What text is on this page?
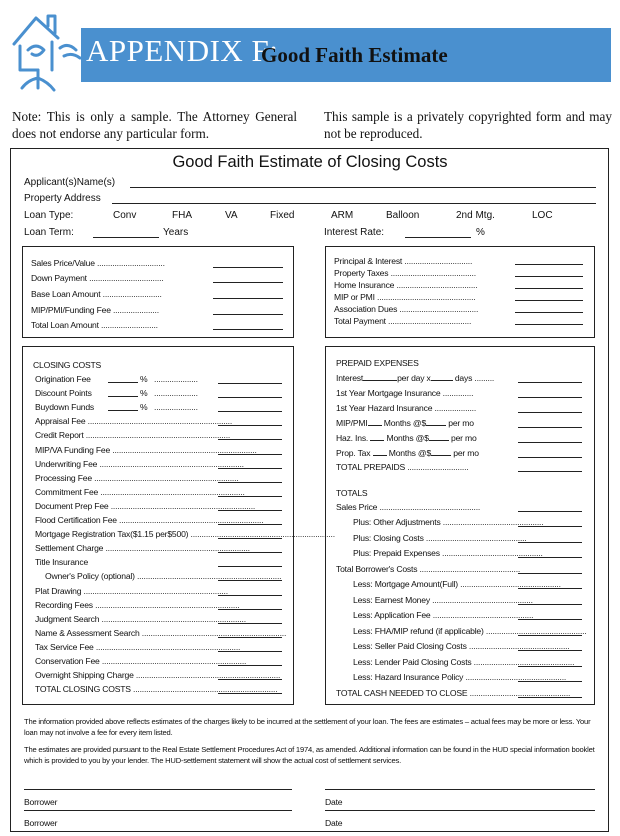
APPENDIX F:
Good Faith Estimate
Note: This is only a sample. The Attorney General does not endorse any particular form.
This sample is a privately copyrighted form and may not be reproduced.
Good Faith Estimate of Closing Costs
Applicant(s)Name(s)
Property Address
Loan Type:	Conv	FHA	VA	Fixed	ARM	Balloon	2nd Mtg.	LOC
Loan Term:	Years	Interest Rate:	%
Sales Price/Value ...............................
Down Payment ..................................
Base Loan Amount ...........................
MIP/PMI/Funding Fee .....................
Total Loan Amount ..........................
Principal & Interest ...............................
Property Taxes .......................................
Home Insurance .....................................
MIP or PMI .............................................
Association Dues ....................................
Total Payment ......................................
CLOSING COSTS
Origination Fee	% ....................
Discount Points	% ....................
Buydown Funds	% ....................
Appraisal Fee ..................................................................
Credit Report ..................................................................
MIP/VA Funding Fee ..................................................................
Underwriting Fee ..................................................................
Processing Fee ..................................................................
Commitment Fee ..................................................................
Document Prep Fee ..................................................................
Flood Certification Fee ..................................................................
Mortgage Registration Tax($1.15 per$500) ..................................................................
Settlement Charge ..................................................................
Title Insurance
Owner's Policy (optional) ..................................................................
Plat Drawing ..................................................................
Recording Fees ..................................................................
Judgment Search ..................................................................
Name & Assessment Search ..................................................................
Tax Service Fee ..................................................................
Conservation Fee ..................................................................
Overnight Shipping Charge ..................................................................
TOTAL CLOSING COSTS ..................................................................
PREPAID EXPENSES
Interest	per day x	days .........
1st Year Mortgage Insurance ..............
1st Year Hazard Insurance ...................
MIP/PMI Months @$	per mo
Haz. Ins. Months @$	per mo
Prop. Tax Months @$	per mo
TOTAL PREPAIDS ............................
TOTALS
Sales Price ..............................................
Plus: Other Adjustments ..............................................
Plus: Closing Costs ..............................................
Plus: Prepaid Expenses ..............................................
Total Borrower's Costs ..............................................
Less: Mortgage Amount(Full) ..............................................
Less: Earnest Money ..............................................
Less: Application Fee ..............................................
Less: FHA/MIP refund (if applicable) ..............................................
Less: Seller Paid Closing Costs ..............................................
Less: Lender Paid Closing Costs ..............................................
Less: Hazard Insurance Policy ..............................................
TOTAL CASH NEEDED TO CLOSE ..............................................
The information provided above reflects estimates of the charges likely to be incurred at the settlement of your loan. The fees are estimates – actual fees may be more or less. Your loan may not involve a fee for every item listed.
The estimates are provided pursuant to the Real Estate Settlement Procedures Act of 1974, as amended. Additional information can be found in the HUD special information booklet which is provided to you by your lender. The HUD-settlement statement will show the actual cost of settlement services.
Borrower	Date
Borrower	Date
